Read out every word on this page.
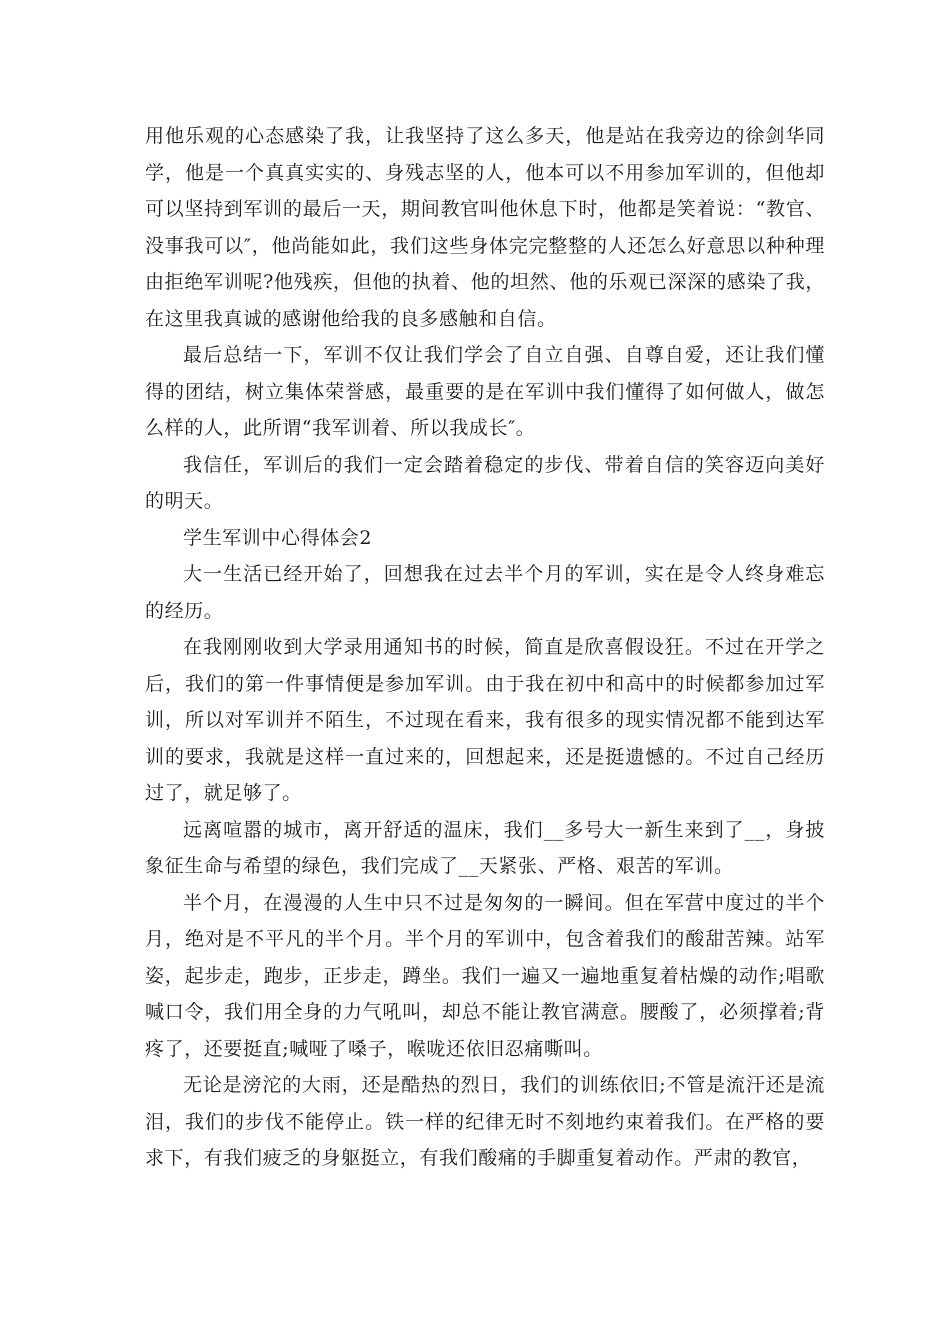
用他乐观的心态感染了我，让我坚持了这么多天，他是站在我旁边的徐剑华同学，他是一个真真实实的、身残志坚的人，他本可以不用参加军训的，但他却可以坚持到军训的最后一天，期间教官叫他休息下时，他都是笑着说：“教官、没事我可以″，他尚能如此，我们这些身体完完整整的人还怎么好意思以种种理由拒绝军训呢?他残疾，但他的执着、他的坦然、他的乐观已深深的感染了我，在这里我真诚的感谢他给我的良多感触和自信。

最后总结一下，军训不仅让我们学会了自立自强、自尊自爱，还让我们懂得的团结，树立集体荣誉感，最重要的是在军训中我们懂得了如何做人，做怎么样的人，此所谓“我军训着、所以我成长″。

我信任，军训后的我们一定会踏着稳定的步伐、带着自信的笑容迈向美好的明天。

学生军训中心得体会2

大一生活已经开始了，回想我在过去半个月的军训，实在是令人终身难忘的经历。

在我刚刚收到大学录用通知书的时候，简直是欣喜假设狂。不过在开学之后，我们的第一件事情便是参加军训。由于我在初中和高中的时候都参加过军训，所以对军训并不陌生，不过现在看来，我有很多的现实情况都不能到达军训的要求，我就是这样一直过来的，回想起来，还是挺遗憾的。不过自己经历过了，就足够了。

远离喧嚣的城市，离开舒适的温床，我们__多号大一新生来到了__，身披象征生命与希望的绿色，我们完成了__天紧张、严格、艰苦的军训。

半个月，在漫漫的人生中只不过是匆匆的一瞬间。但在军营中度过的半个月，绝对是不平凡的半个月。半个月的军训中，包含着我们的酸甜苦辣。站军姿，起步走，跑步，正步走，蹲坐。我们一遍又一遍地重复着枯燥的动作;唱歌喊口令，我们用全身的力气吼叫，却总不能让教官满意。腰酸了，必须撑着;背疼了，还要挺直;喊哑了嗓子，喉咙还依旧忍痛嘶叫。

无论是滂沱的大雨，还是酷热的烈日，我们的训练依旧;不管是流汗还是流泪，我们的步伐不能停止。铁一样的纪律无时不刻地约束着我们。在严格的要求下，有我们疲乏的身躯挺立，有我们酸痛的手脚重复着动作。严肃的教官，
